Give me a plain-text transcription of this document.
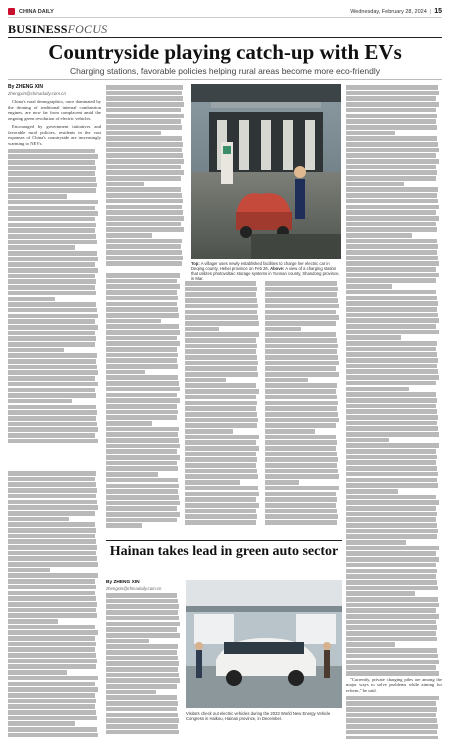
CHINA DAILY	Wednesday, February 28, 2024 | 15
BUSINESSFOCUS
Countryside playing catch-up with EVs
Charging stations, favorable policies helping rural areas become more eco-friendly
By ZHENG XIN
zhengxin@chinadaily.com.cn

China's rural demographics, once dominated by the droning of traditional internal combustion engines, are now far from complacent amid the ongoing green revolution of electric vehicles.

Encouraged by government initiatives and favorable rural policies, residents in the vast expanses of China's countryside are increasingly warming to NEVs.

Top: A villager uses newly established facilities to charge her electric car in Deqing county, Hebei province on Feb 26. Above: A view of a charging station that utilizes photovoltaic storage systems in Yunnan county, Shandong province, in Mar.

"Currently, private charging piles are among the major ways to solve problems while aiming for reform," he said.

Hainan takes lead in green auto sector
By ZHENG XIN
zhengxin@chinadaily.com.cn
Visitors check out electric vehicles during the 2023 World New Energy Vehicle Congress in Haikou, Hainan province, in December.
